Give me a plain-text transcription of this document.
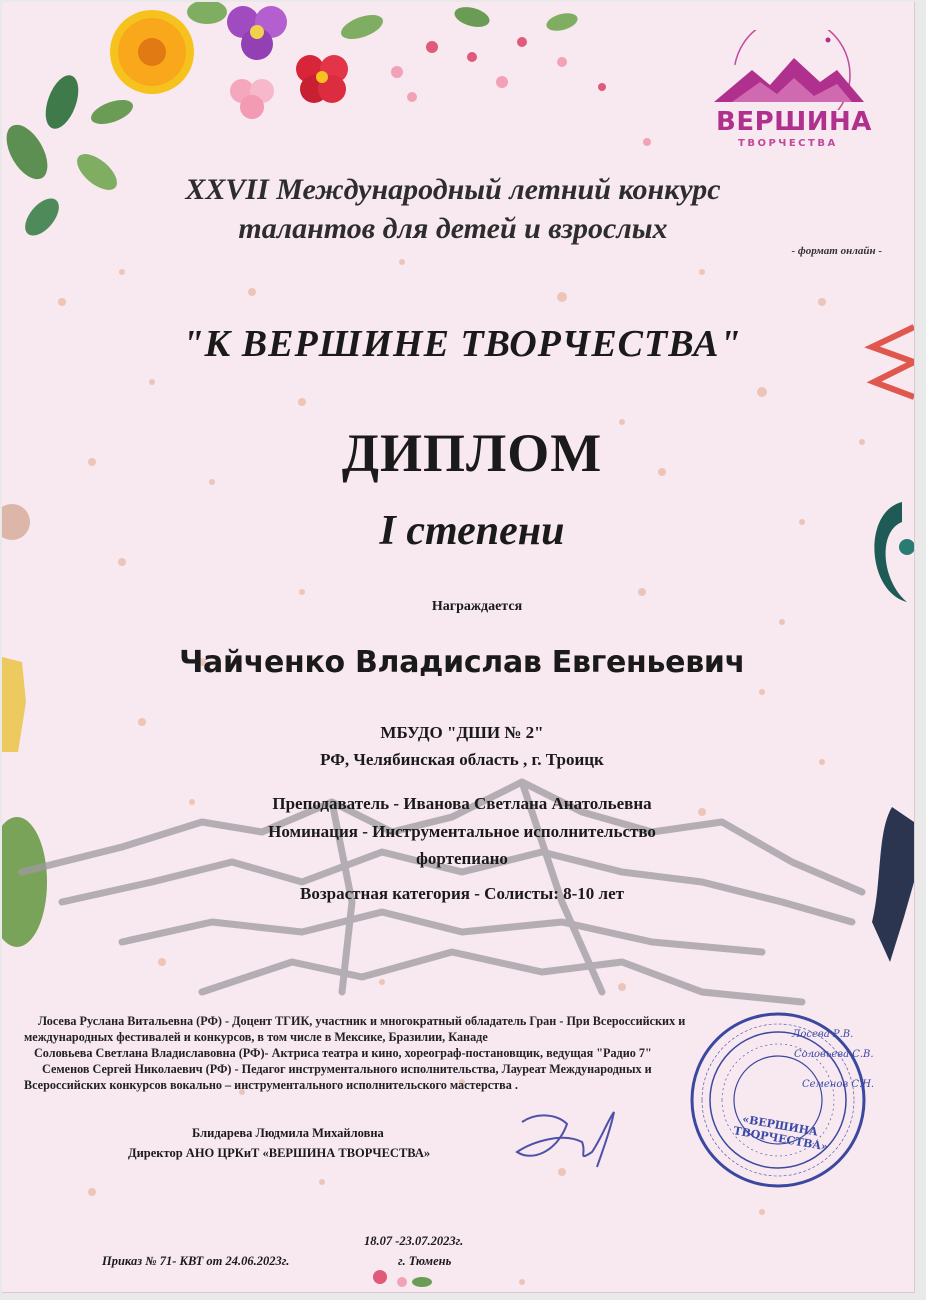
ВЕРШИНА
ТВОРЧЕСТВА
XXVII Международный летний конкурс
талантов для детей и взрослых
- формат онлайн -
"К ВЕРШИНЕ ТВОРЧЕСТВА"
ДИПЛОМ
I степени
Награждается
Чайченко Владислав Евгеньевич
МБУДО "ДШИ № 2"
РФ, Челябинская область , г. Троицк
Преподаватель - Иванова Светлана Анатольевна
Номинация - Инструментальное исполнительство
фортепиано
Возрастная категория - Солисты: 8-10 лет
Лосева Руслана Витальевна (РФ) - Доцент ТГИК, участник и многократный обладатель Гран - При Всероссийских и
международных фестивалей и конкурсов, в том числе в Мексике, Бразилии, Канаде
Соловьева Светлана Владиславовна (РФ)- Актриса театра и кино, хореограф-постановщик, ведущая "Радио 7"
Семенов Сергей Николаевич (РФ) - Педагог инструментального исполнительства, Лауреат Международных и
Всероссийских конкурсов вокально – инструментального исполнительского мастерства .
Лосева Р.В.
Соловьева С.В.
Семенов С.Н.
«ВЕРШИНА ТВОРЧЕСТВА»
Блидарева Людмила Михайловна
Директор АНО ЦРКиТ «ВЕРШИНА ТВОРЧЕСТВА»
18.07 -23.07.2023г.
Приказ № 71- КВТ от 24.06.2023г.	г. Тюмень
